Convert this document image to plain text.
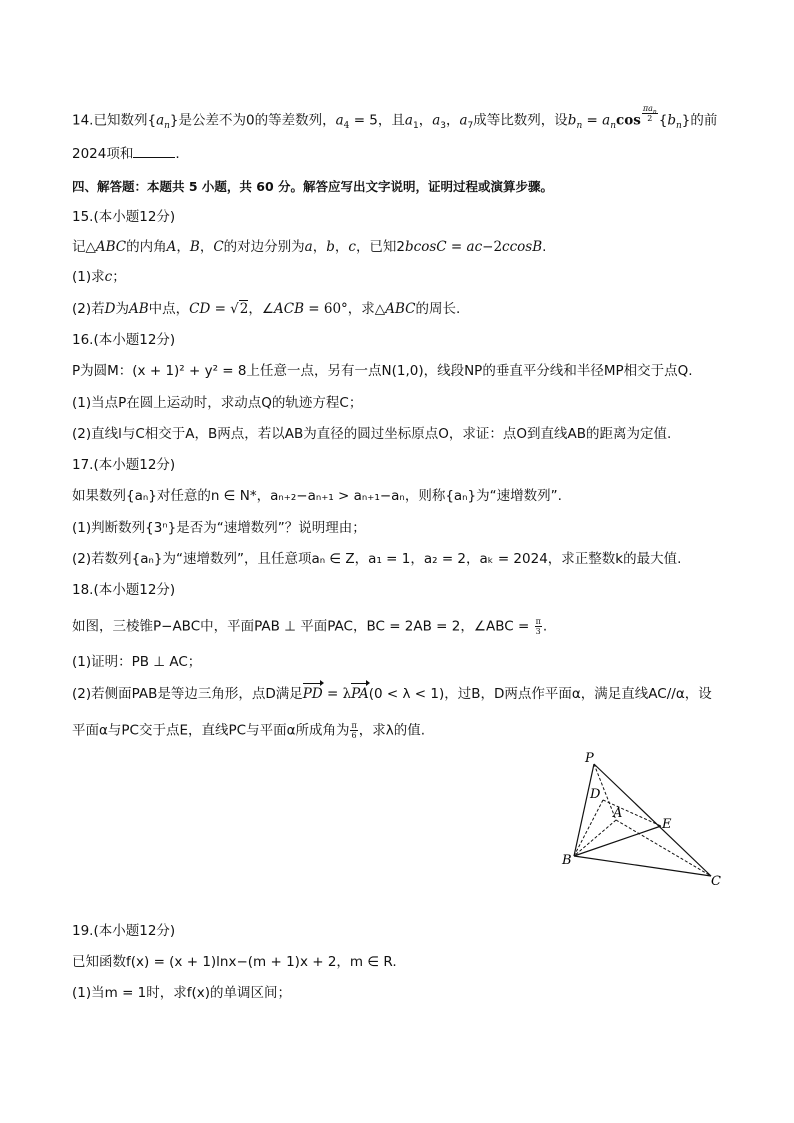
14.已知数列$\{a_n\}$是公差不为0的等差数列，$a_4 = 5$，且$a_1$，$a_3$，$a_7$成等比数列，设$b_n = a_n\cos \frac{\pi a_n}{2} \{b_n\}$的前
2024项和	.
四、解答题：本题共 5 小题，共 60 分。解答应写出文字说明，证明过程或演算步骤。
15.(本小题12分)
记△ABC的内角A，B，C的对边分别为a，b，c，已知2bcosC = ac−2ccosB.
(1)求c；
(2)若D为AB中点，CD = √2，∠ACB = 60°，求△ABC的周长.
16.(本小题12分)
P为圆M：(x + 1)² + y² = 8上任意一点，另有一点N(1,0)，线段NP的垂直平分线和半径MP相交于点Q.
(1)当点P在圆上运动时，求动点Q的轨迹方程C；
(2)直线l与C相交于A，B两点，若以AB为直径的圆过坐标原点O，求证：点O到直线AB的距离为定值.
17.(本小题12分)
如果数列{aₙ}对任意的n ∈ N*，aₙ₊₂−aₙ₊₁ > aₙ₊₁−aₙ，则称{aₙ}为“速增数列”.
(1)判断数列{3ⁿ}是否为“速增数列”？说明理由；
(2)若数列{aₙ}为“速增数列”，且任意项aₙ ∈ Z，a₁ = 1，a₂ = 2，aₖ = 2024，求正整数k的最大值.
18.(本小题12分)
如图，三棱锥P−ABC中，平面PAB ⊥ 平面PAC，BC = 2AB = 2，∠ABC = $\frac{\pi}{3}$ .
(1)证明：PB ⊥ AC；
(2)若侧面PAB是等边三角形，点D满足PD = λPA(0 < λ < 1)，过B，D两点作平面α，满足直线AC//α，设
平面α与PC交于点E，直线PC与平面α所成角为 $\frac{\pi}{6}$ ，求λ的值.
P
D
A
E
B
C
19.(本小题12分)
已知函数f(x) = (x + 1)lnx−(m + 1)x + 2，m ∈ R.
(1)当m = 1时，求f(x)的单调区间；
